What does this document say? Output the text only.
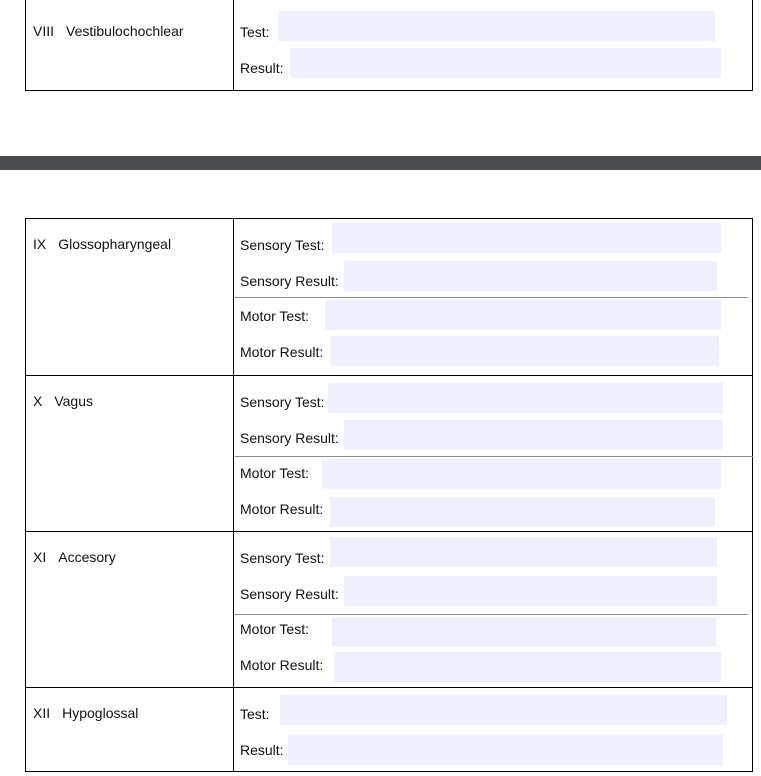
VIII Vestibulochochlear	Test:
Result:
IX Glossopharyngeal	Sensory Test:
Sensory Result:
Motor Test:
Motor Result:
X Vagus	Sensory Test:
Sensory Result:
Motor Test:
Motor Result:
XI Accesory	Sensory Test:
Sensory Result:
Motor Test:
Motor Result:
XII Hypoglossal	Test:
Result:
